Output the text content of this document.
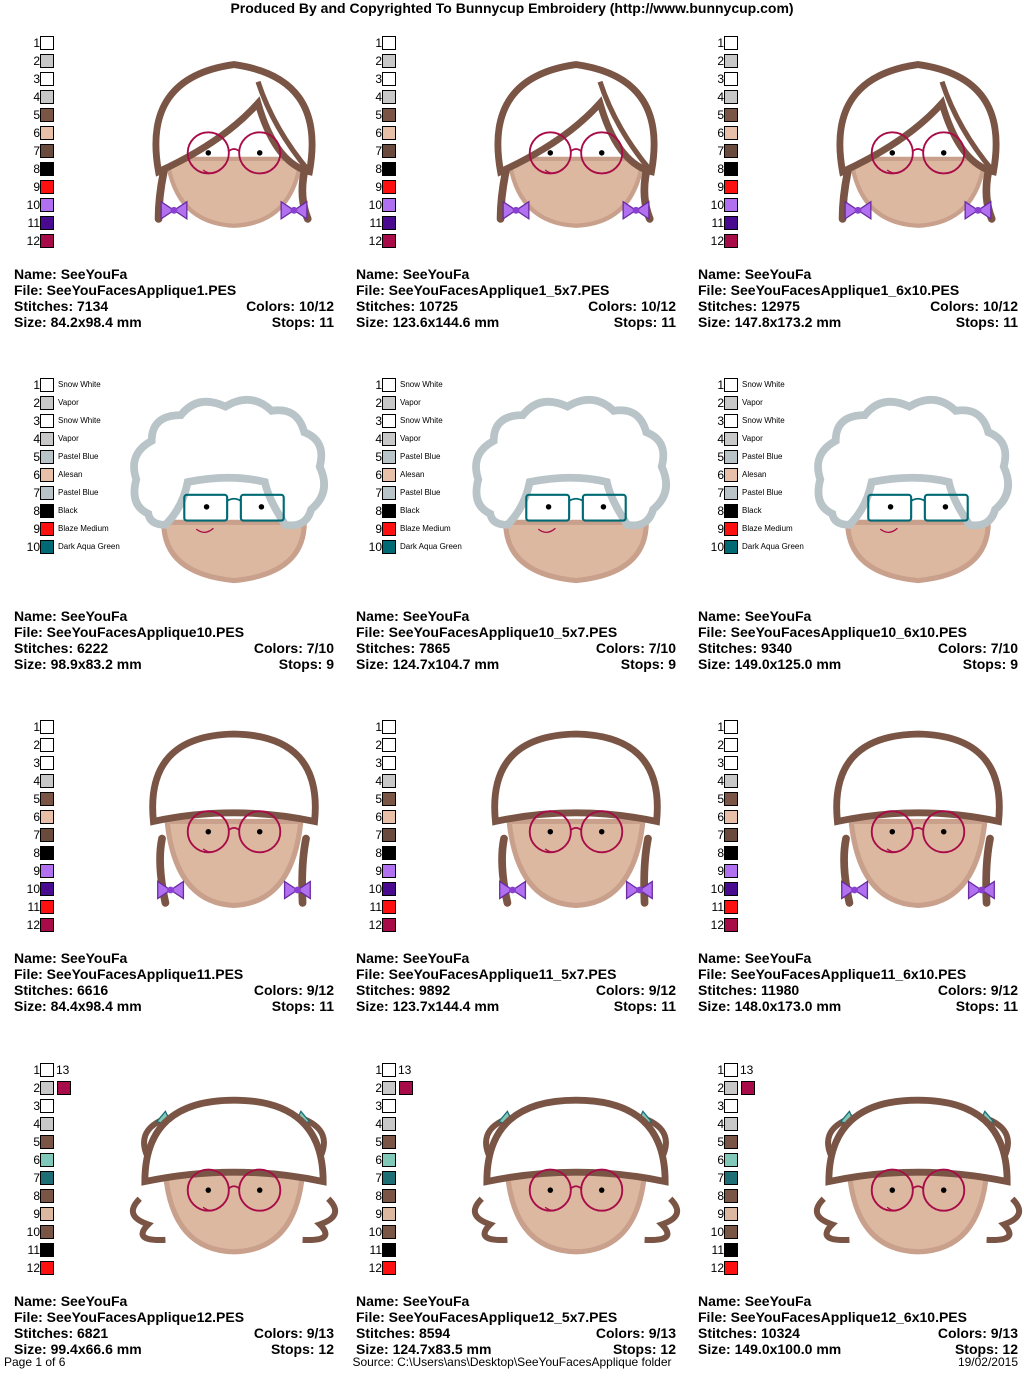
Produced By and Copyrighted To Bunnycup Embroidery (http://www.bunnycup.com)
1
2
3
4
5
6
7
8
9
10
11
12
Name: SeeYouFa
File: SeeYouFacesApplique1.PES
Stitches: 7134	Colors: 10/12
Size: 84.2x98.4 mm	Stops: 11
1
2
3
4
5
6
7
8
9
10
11
12
Name: SeeYouFa
File: SeeYouFacesApplique1_5x7.PES
Stitches: 10725	Colors: 10/12
Size: 123.6x144.6 mm	Stops: 11
1
2
3
4
5
6
7
8
9
10
11
12
Name: SeeYouFa
File: SeeYouFacesApplique1_6x10.PES
Stitches: 12975	Colors: 10/12
Size: 147.8x173.2 mm	Stops: 11
1 $^{Snow White}$
2 $^{Vapor}$
3 $^{Snow White}$
4 $^{Vapor}$
5 $^{Pastel Blue}$
6 $^{Alesan}$
7 $^{Pastel Blue}$
8 $^{Black}$
9 $^{Blaze Medium}$
10 $^{Dark Aqua Green}$
Name: SeeYouFa
File: SeeYouFacesApplique10.PES
Stitches: 6222	Colors: 7/10
Size: 98.9x83.2 mm	Stops: 9
1 $^{Snow White}$
2 $^{Vapor}$
3 $^{Snow White}$
4 $^{Vapor}$
5 $^{Pastel Blue}$
6 $^{Alesan}$
7 $^{Pastel Blue}$
8 $^{Black}$
9 $^{Blaze Medium}$
10 $^{Dark Aqua Green}$
Name: SeeYouFa
File: SeeYouFacesApplique10_5x7.PES
Stitches: 7865	Colors: 7/10
Size: 124.7x104.7 mm	Stops: 9
1 $^{Snow White}$
2 $^{Vapor}$
3 $^{Snow White}$
4 $^{Vapor}$
5 $^{Pastel Blue}$
6 $^{Alesan}$
7 $^{Pastel Blue}$
8 $^{Black}$
9 $^{Blaze Medium}$
10 $^{Dark Aqua Green}$
Name: SeeYouFa
File: SeeYouFacesApplique10_6x10.PES
Stitches: 9340	Colors: 7/10
Size: 149.0x125.0 mm	Stops: 9
1
2
3
4
5
6
7
8
9
10
11
12
Name: SeeYouFa
File: SeeYouFacesApplique11.PES
Stitches: 6616	Colors: 9/12
Size: 84.4x98.4 mm	Stops: 11
1
2
3
4
5
6
7
8
9
10
11
12
Name: SeeYouFa
File: SeeYouFacesApplique11_5x7.PES
Stitches: 9892	Colors: 9/12
Size: 123.7x144.4 mm	Stops: 11
1
2
3
4
5
6
7
8
9
10
11
12
Name: SeeYouFa
File: SeeYouFacesApplique11_6x10.PES
Stitches: 11980	Colors: 9/12
Size: 148.0x173.0 mm	Stops: 11
1 13
2
3
4
5
6
7
8
9
10
11
12
Name: SeeYouFa
File: SeeYouFacesApplique12.PES
Stitches: 6821	Colors: 9/13
Size: 99.4x66.6 mm	Stops: 12
1 13
2
3
4
5
6
7
8
9
10
11
12
Name: SeeYouFa
File: SeeYouFacesApplique12_5x7.PES
Stitches: 8594	Colors: 9/13
Size: 124.7x83.5 mm	Stops: 12
1 13
2
3
4
5
6
7
8
9
10
11
12
Name: SeeYouFa
File: SeeYouFacesApplique12_6x10.PES
Stitches: 10324	Colors: 9/13
Size: 149.0x100.0 mm	Stops: 12
Source: C:\Users\ans\Desktop\SeeYouFacesApplique folder
Page 1 of 6	19/02/2015
